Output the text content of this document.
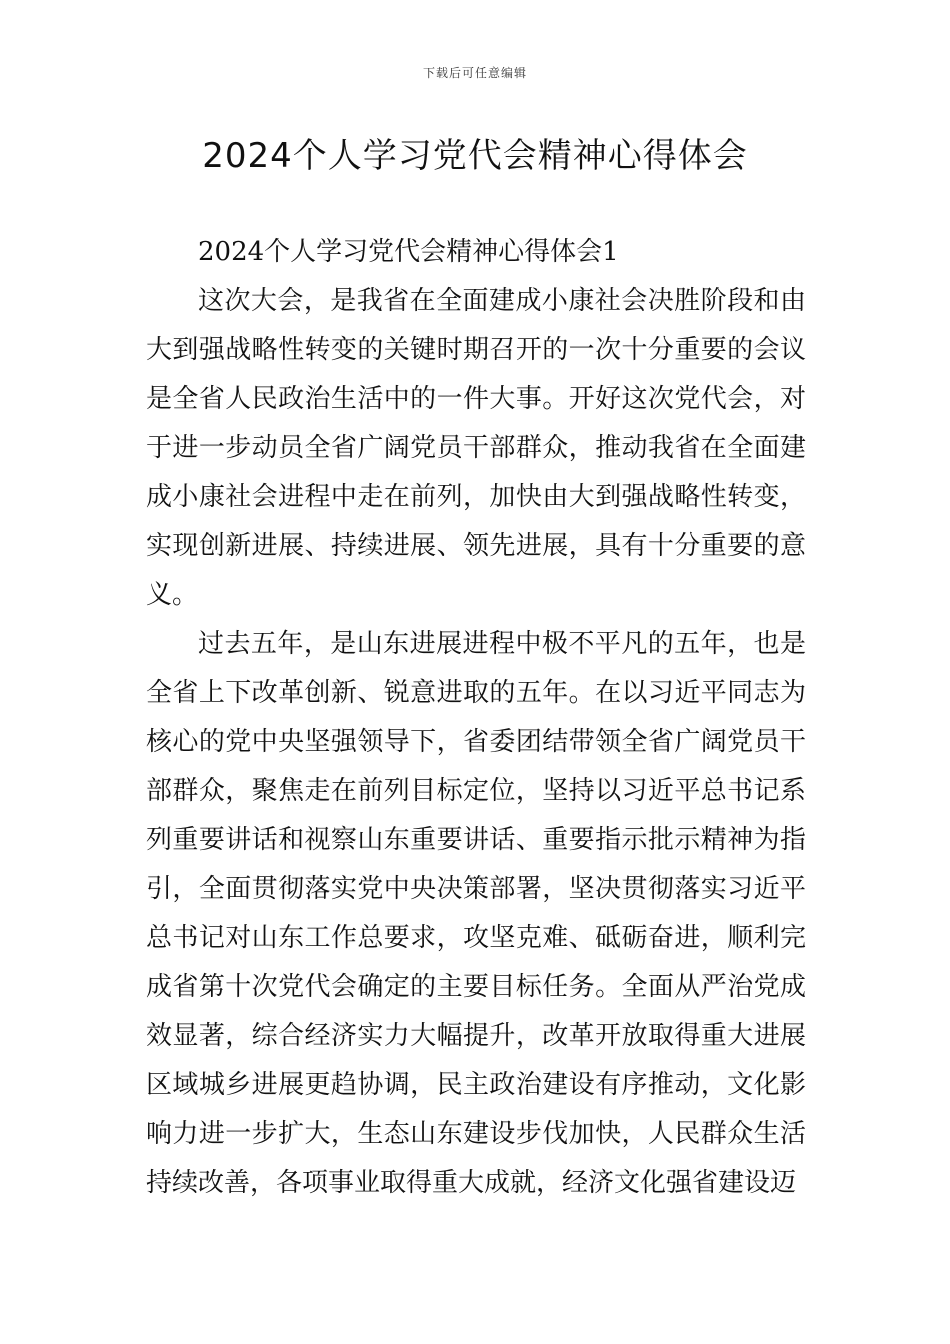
下载后可任意编辑
2024个人学习党代会精神心得体会

2024个人学习党代会精神心得体会1

这次大会，是我省在全面建成小康社会决胜阶段和由大到强战略性转变的关键时期召开的一次十分重要的会议是全省人民政治生活中的一件大事。开好这次党代会，对于进一步动员全省广阔党员干部群众，推动我省在全面建成小康社会进程中走在前列，加快由大到强战略性转变，实现创新进展、持续进展、领先进展，具有十分重要的意义。

过去五年，是山东进展进程中极不平凡的五年，也是全省上下改革创新、锐意进取的五年。在以习近平同志为核心的党中央坚强领导下，省委团结带领全省广阔党员干部群众，聚焦走在前列目标定位，坚持以习近平总书记系列重要讲话和视察山东重要讲话、重要指示批示精神为指引，全面贯彻落实党中央决策部署，坚决贯彻落实习近平总书记对山东工作总要求，攻坚克难、砥砺奋进，顺利完成省第十次党代会确定的主要目标任务。全面从严治党成效显著，综合经济实力大幅提升，改革开放取得重大进展区域城乡进展更趋协调，民主政治建设有序推动，文化影响力进一步扩大，生态山东建设步伐加快，人民群众生活持续改善，各项事业取得重大成就，经济文化强省建设迈
